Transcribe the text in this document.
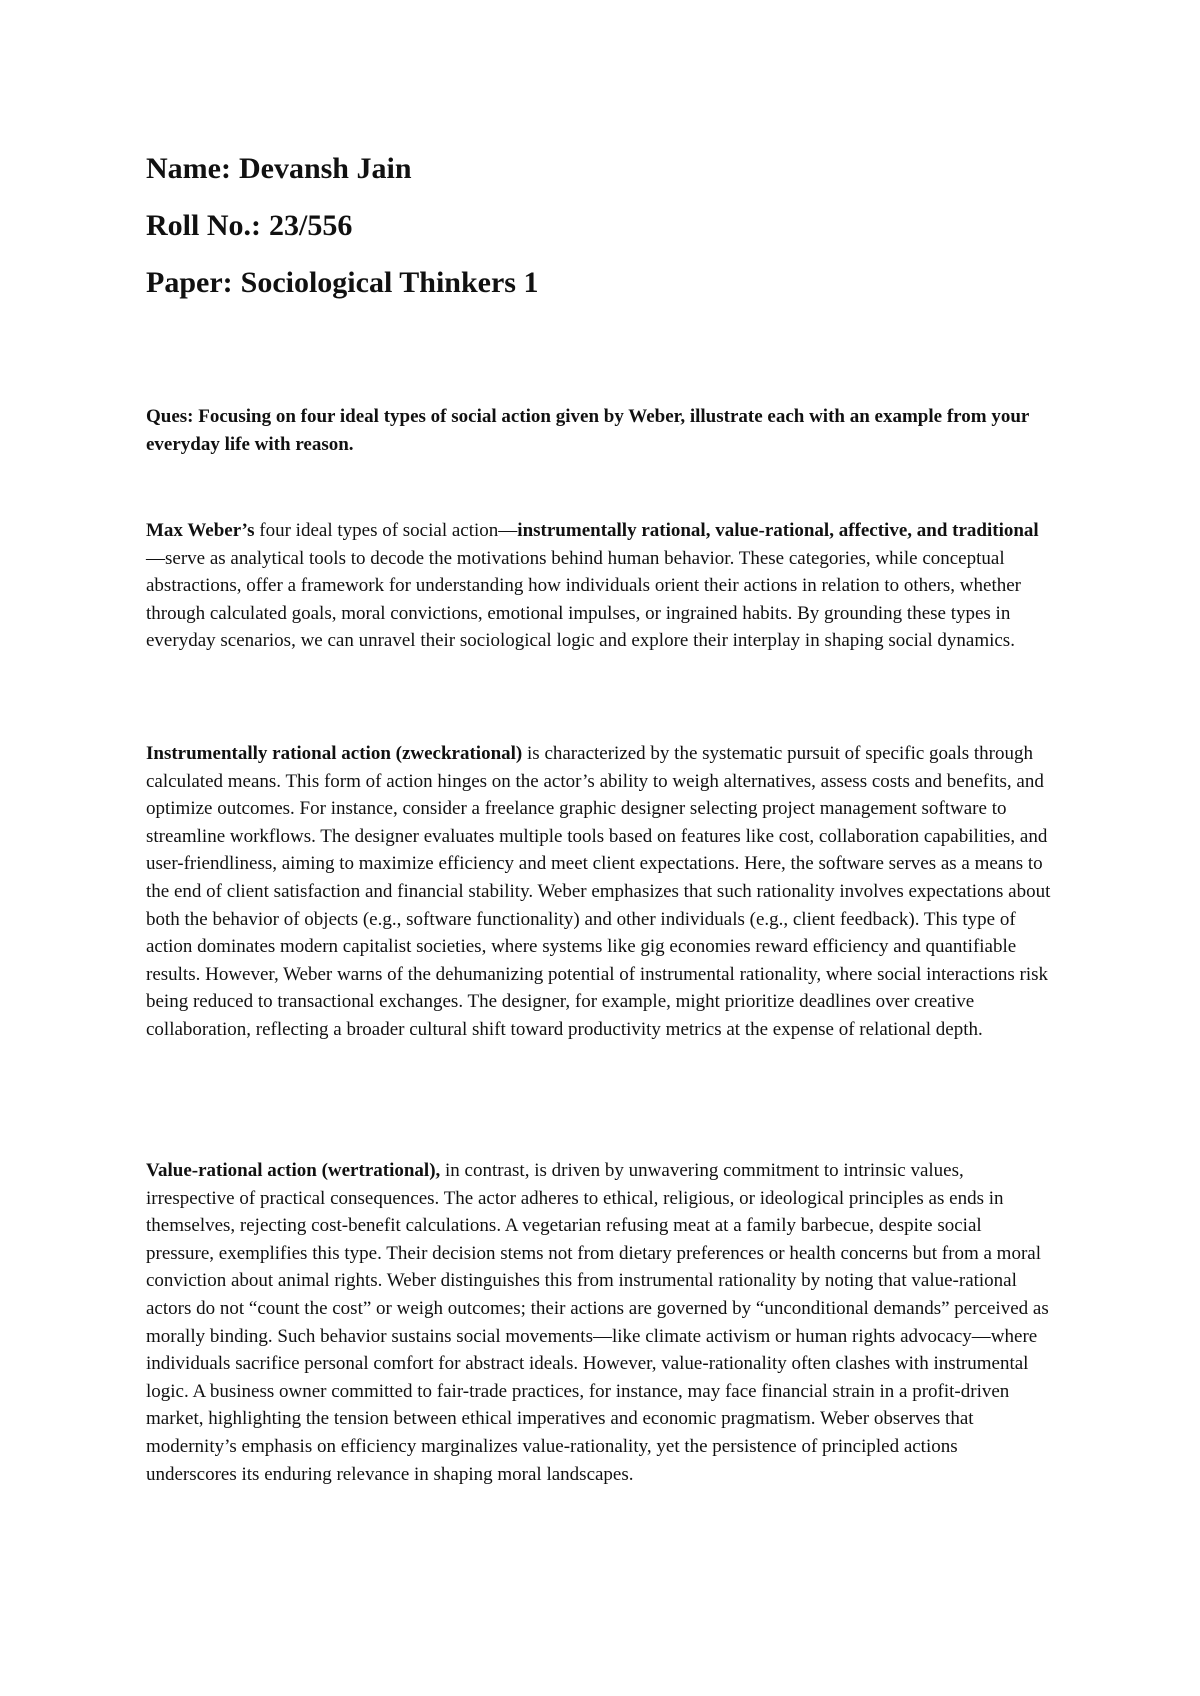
Name: Devansh Jain

Roll No.: 23/556

Paper: Sociological Thinkers 1

Ques: Focusing on four ideal types of social action given by Weber, illustrate each with an example from your everyday life with reason.

Max Weber’s four ideal types of social action—instrumentally rational, value-rational, affective, and traditional—serve as analytical tools to decode the motivations behind human behavior. These categories, while conceptual abstractions, offer a framework for understanding how individuals orient their actions in relation to others, whether through calculated goals, moral convictions, emotional impulses, or ingrained habits. By grounding these types in everyday scenarios, we can unravel their sociological logic and explore their interplay in shaping social dynamics.

Instrumentally rational action (zweckrational) is characterized by the systematic pursuit of specific goals through calculated means. This form of action hinges on the actor’s ability to weigh alternatives, assess costs and benefits, and optimize outcomes. For instance, consider a freelance graphic designer selecting project management software to streamline workflows. The designer evaluates multiple tools based on features like cost, collaboration capabilities, and user-friendliness, aiming to maximize efficiency and meet client expectations. Here, the software serves as a means to the end of client satisfaction and financial stability. Weber emphasizes that such rationality involves expectations about both the behavior of objects (e.g., software functionality) and other individuals (e.g., client feedback). This type of action dominates modern capitalist societies, where systems like gig economies reward efficiency and quantifiable results. However, Weber warns of the dehumanizing potential of instrumental rationality, where social interactions risk being reduced to transactional exchanges. The designer, for example, might prioritize deadlines over creative collaboration, reflecting a broader cultural shift toward productivity metrics at the expense of relational depth.

Value-rational action (wertrational), in contrast, is driven by unwavering commitment to intrinsic values, irrespective of practical consequences. The actor adheres to ethical, religious, or ideological principles as ends in themselves, rejecting cost-benefit calculations. A vegetarian refusing meat at a family barbecue, despite social pressure, exemplifies this type. Their decision stems not from dietary preferences or health concerns but from a moral conviction about animal rights. Weber distinguishes this from instrumental rationality by noting that value-rational actors do not “count the cost” or weigh outcomes; their actions are governed by “unconditional demands” perceived as morally binding. Such behavior sustains social movements—like climate activism or human rights advocacy—where individuals sacrifice personal comfort for abstract ideals. However, value-rationality often clashes with instrumental logic. A business owner committed to fair-trade practices, for instance, may face financial strain in a profit-driven market, highlighting the tension between ethical imperatives and economic pragmatism. Weber observes that modernity’s emphasis on efficiency marginalizes value-rationality, yet the persistence of principled actions underscores its enduring relevance in shaping moral landscapes.
